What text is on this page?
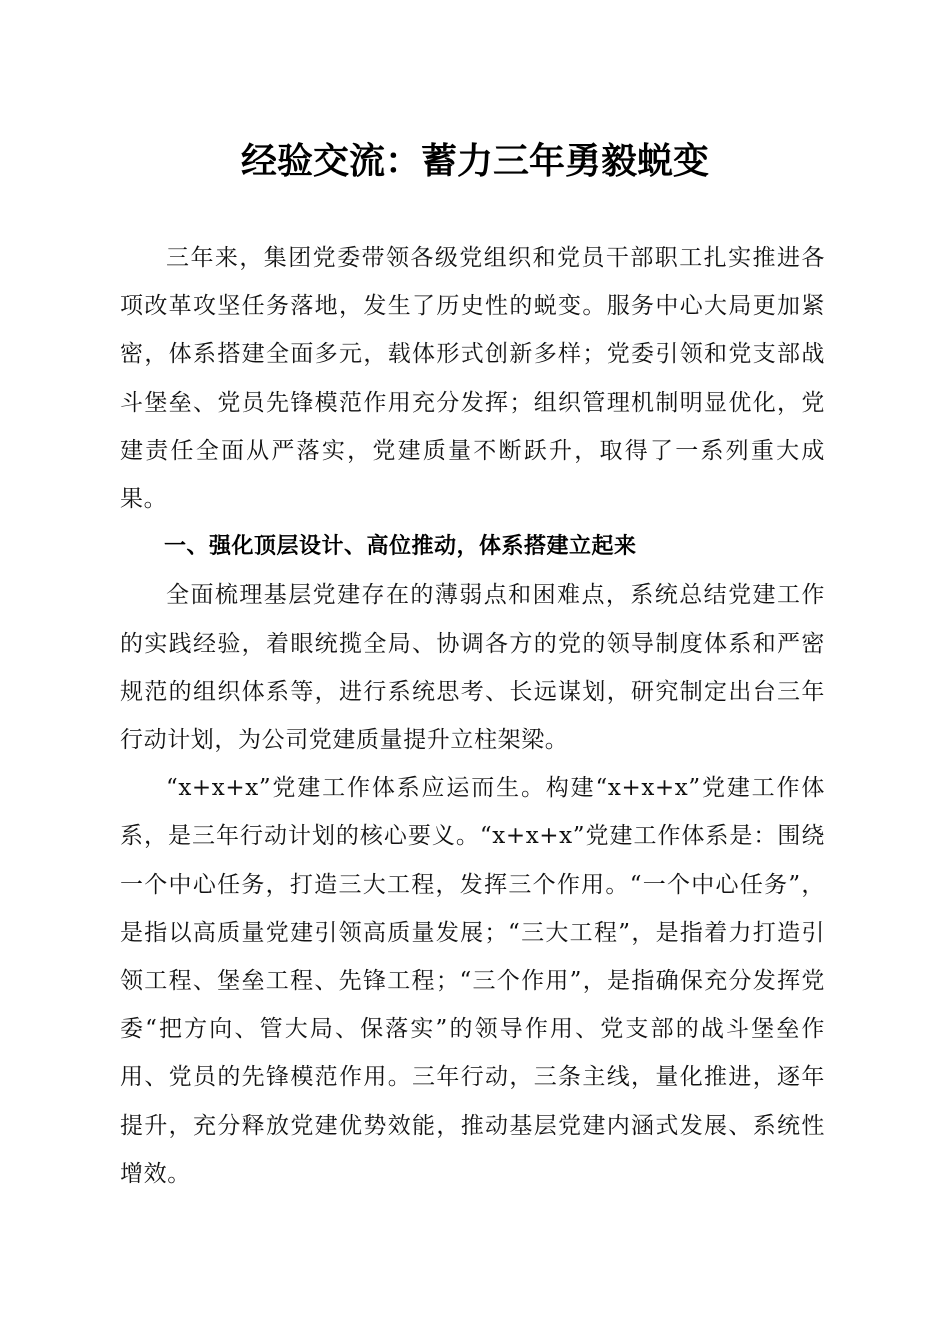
经验交流：蓄力三年勇毅蜕变

三年来，集团党委带领各级党组织和党员干部职工扎实推进各项改革攻坚任务落地，发生了历史性的蜕变。服务中心大局更加紧密，体系搭建全面多元，载体形式创新多样；党委引领和党支部战斗堡垒、党员先锋模范作用充分发挥；组织管理机制明显优化，党建责任全面从严落实，党建质量不断跃升，取得了一系列重大成果。

一、强化顶层设计、高位推动，体系搭建立起来

全面梳理基层党建存在的薄弱点和困难点，系统总结党建工作的实践经验，着眼统揽全局、协调各方的党的领导制度体系和严密规范的组织体系等，进行系统思考、长远谋划，研究制定出台三年行动计划，为公司党建质量提升立柱架梁。

“x+x+x”党建工作体系应运而生。构建“x+x+x”党建工作体系，是三年行动计划的核心要义。“x+x+x”党建工作体系是：围绕一个中心任务，打造三大工程，发挥三个作用。“一个中心任务”，是指以高质量党建引领高质量发展；“三大工程”，是指着力打造引领工程、堡垒工程、先锋工程；“三个作用”，是指确保充分发挥党委“把方向、管大局、保落实”的领导作用、党支部的战斗堡垒作用、党员的先锋模范作用。三年行动，三条主线，量化推进，逐年提升，充分释放党建优势效能，推动基层党建内涵式发展、系统性增效。
